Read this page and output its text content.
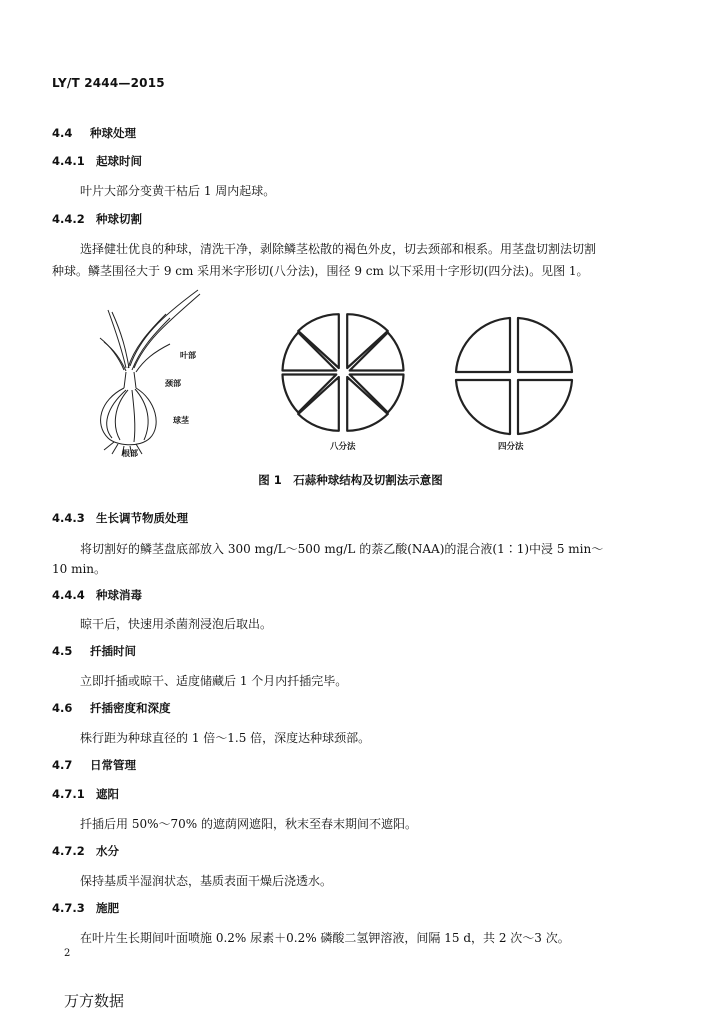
LY/T 2444—2015
4.4 种球处理
4.4.1 起球时间
叶片大部分变黄干枯后 1 周内起球。
4.4.2 种球切割
选择健壮优良的种球，清洗干净，剥除鳞茎松散的褐色外皮，切去颈部和根系。用茎盘切割法切割
种球。鳞茎围径大于 9 cm 采用米字形切(八分法)，围径 9 cm 以下采用十字形切(四分法)。见图 1。
叶部
颈部
球茎
根部
八分法	四分法
图 1　石蒜种球结构及切割法示意图
4.4.3 生长调节物质处理
将切割好的鳞茎盘底部放入 300 mg/L～500 mg/L 的萘乙酸(NAA)的混合液(1∶1)中浸 5 min～
10 min。
4.4.4 种球消毒
晾干后，快速用杀菌剂浸泡后取出。
4.5 扦插时间
立即扦插或晾干、适度储藏后 1 个月内扦插完毕。
4.6 扦插密度和深度
株行距为种球直径的 1 倍～1.5 倍，深度达种球颈部。
4.7 日常管理
4.7.1 遮阳
扦插后用 50%～70% 的遮荫网遮阳，秋末至春末期间不遮阳。
4.7.2 水分
保持基质半湿润状态，基质表面干燥后浇透水。
4.7.3 施肥
在叶片生长期间叶面喷施 0.2% 尿素＋0.2% 磷酸二氢钾溶液，间隔 15 d，共 2 次～3 次。
2
万方数据
